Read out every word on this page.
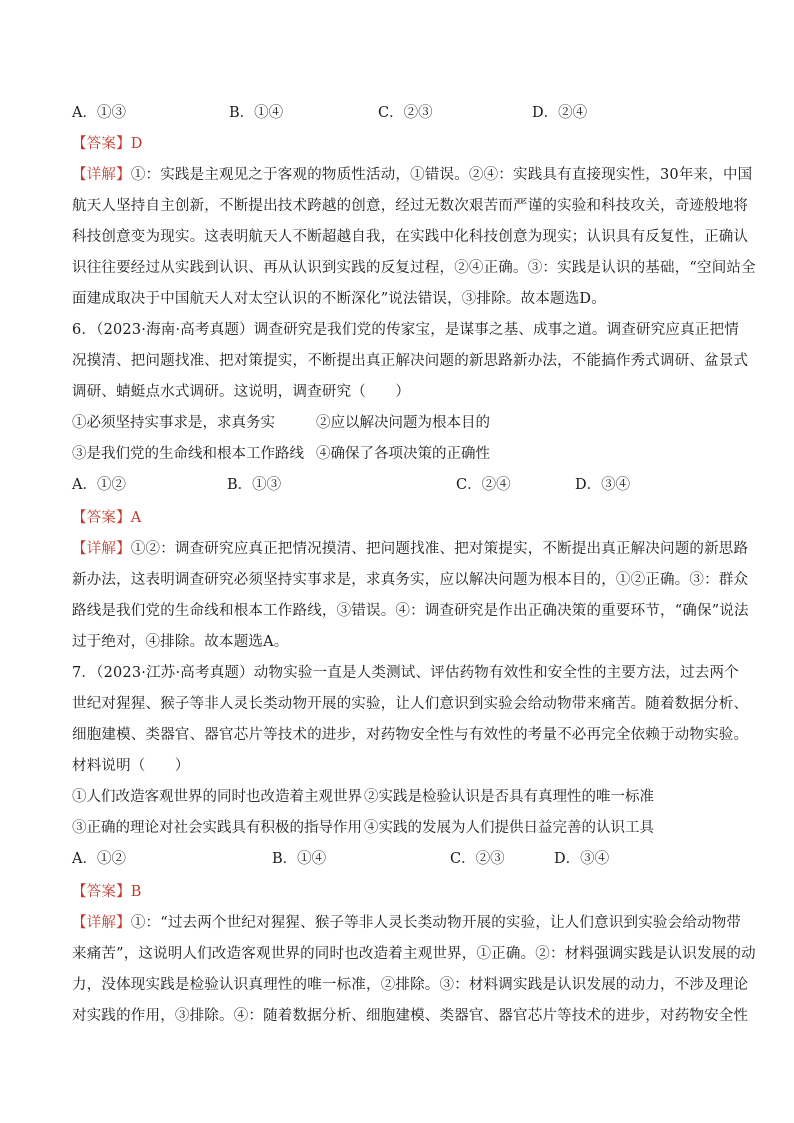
A．①③	B．①④	C．②③	D．②④
【答案】D
【详解】①：实践是主观见之于客观的物质性活动，①错误。②④：实践具有直接现实性，30年来，中国
航天人坚持自主创新，不断提出技术跨越的创意，经过无数次艰苦而严谨的实验和科技攻关，奇迹般地将
科技创意变为现实。这表明航天人不断超越自我，在实践中化科技创意为现实；认识具有反复性，正确认
识往往要经过从实践到认识、再从认识到实践的反复过程，②④正确。③：实践是认识的基础，“空间站全
面建成取决于中国航天人对太空认识的不断深化”说法错误，③排除。故本题选D。
6．（2023·海南·高考真题）调查研究是我们党的传家宝，是谋事之基、成事之道。调查研究应真正把情
况摸清、把问题找准、把对策提实，不断提出真正解决问题的新思路新办法，不能搞作秀式调研、盆景式
调研、蜻蜓点水式调研。这说明，调查研究（　　）
①必须坚持实事求是，求真务实	②应以解决问题为根本目的
③是我们党的生命线和根本工作路线 ④确保了各项决策的正确性
A．①②	B．①③	C．②④	D．③④
【答案】A
【详解】①②：调查研究应真正把情况摸清、把问题找准、把对策提实，不断提出真正解决问题的新思路
新办法，这表明调查研究必须坚持实事求是，求真务实，应以解决问题为根本目的，①②正确。③：群众
路线是我们党的生命线和根本工作路线，③错误。④：调查研究是作出正确决策的重要环节，“确保”说法
过于绝对，④排除。故本题选A。
7．（2023·江苏·高考真题）动物实验一直是人类测试、评估药物有效性和安全性的主要方法，过去两个
世纪对猩猩、猴子等非人灵长类动物开展的实验，让人们意识到实验会给动物带来痛苦。随着数据分析、
细胞建模、类器官、器官芯片等技术的进步，对药物安全性与有效性的考量不必再完全依赖于动物实验。
材料说明（　　）
①人们改造客观世界的同时也改造着主观世界 ②实践是检验认识是否具有真理性的唯一标准
③正确的理论对社会实践具有积极的指导作用 ④实践的发展为人们提供日益完善的认识工具
A．①②	B．①④	C．②③	D．③④
【答案】B
【详解】①：“过去两个世纪对猩猩、猴子等非人灵长类动物开展的实验，让人们意识到实验会给动物带
来痛苦”，这说明人们改造客观世界的同时也改造着主观世界，①正确。②：材料强调实践是认识发展的动
力，没体现实践是检验认识真理性的唯一标准，②排除。③：材料调实践是认识发展的动力，不涉及理论
对实践的作用，③排除。④：随着数据分析、细胞建模、类器官、器官芯片等技术的进步，对药物安全性
